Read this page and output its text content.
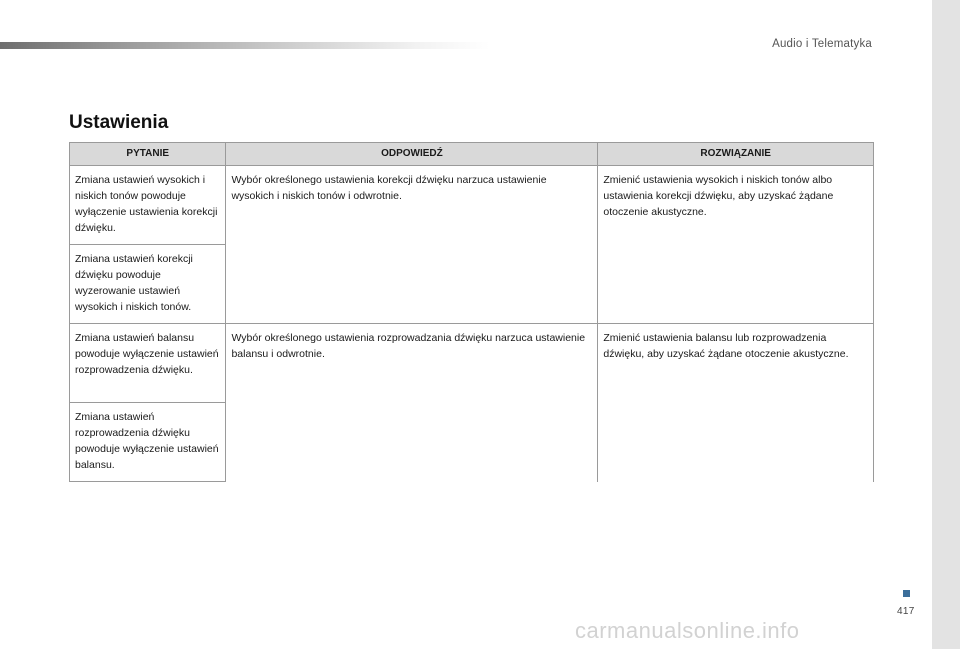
Audio i Telematyka
Ustawienia
PYTANIE	ODPOWIEDŹ	ROZWIĄZANIE
Zmiana ustawień wysokich i niskich tonów powoduje wyłączenie ustawienia korekcji dźwięku.	Wybór określonego ustawienia korekcji dźwięku narzuca ustawienie wysokich i niskich tonów i odwrotnie.	Zmienić ustawienia wysokich i niskich tonów albo ustawienia korekcji dźwięku, aby uzyskać żądane otoczenie akustyczne.
Zmiana ustawień korekcji dźwięku powoduje wyzerowanie ustawień wysokich i niskich tonów.		
Zmiana ustawień balansu powoduje wyłączenie ustawień rozprowadzenia dźwięku.	Wybór określonego ustawienia rozprowadzania dźwięku narzuca ustawienie balansu i odwrotnie.	Zmienić ustawienia balansu lub rozprowadzenia dźwięku, aby uzyskać żądane otoczenie akustyczne.
Zmiana ustawień rozprowadzenia dźwięku powoduje wyłączenie ustawień balansu.		
417
carmanualsonline.info
